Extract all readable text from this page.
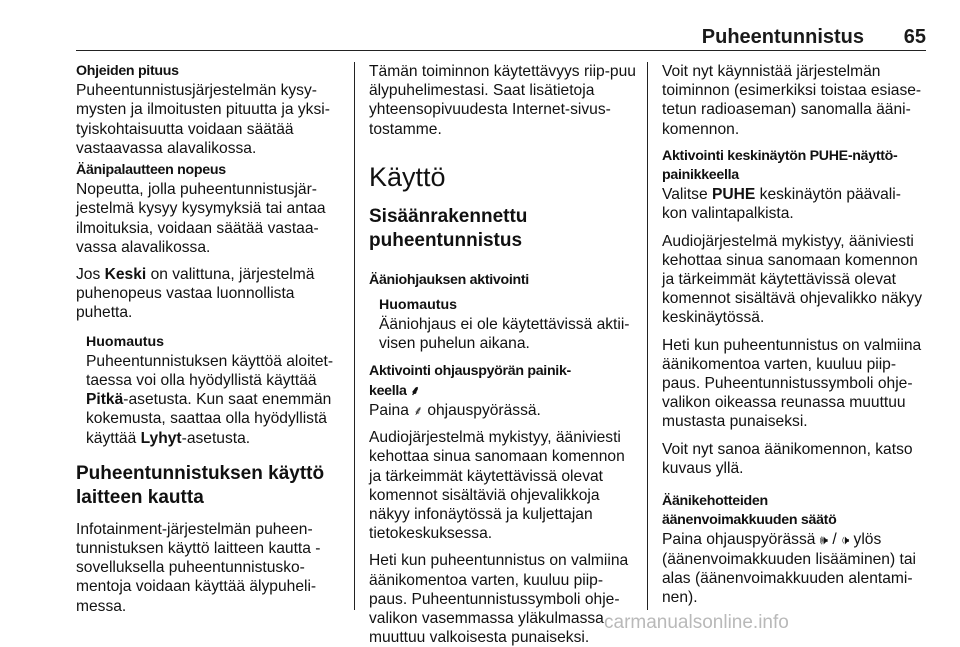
Puheentunnistus 65
Ohjeiden pituus

Puheentunnistusjärjestelmän kysy-mysten ja ilmoitusten pituutta ja yksi-tyiskohtaisuutta voidaan säätää vastaavassa alavalikossa.

Äänipalautteen nopeus

Nopeutta, jolla puheentunnistusjär-jestelmä kysyy kysymyksiä tai antaa ilmoituksia, voidaan säätää vastaa-vassa alavalikossa.

Jos Keski on valittuna, järjestelmä puhenopeus vastaa luonnollista puhetta.

Huomautus
Puheentunnistuksen käyttöä aloitet-taessa voi olla hyödyllistä käyttää Pitkä-asetusta. Kun saat enemmän kokemusta, saattaa olla hyödyllistä käyttää Lyhyt-asetusta.
Puheentunnistuksen käyttö
laitteen kautta

Infotainment-järjestelmän puheen-tunnistuksen käyttö laitteen kautta -sovelluksella puheentunnistusko-mentoja voidaan käyttää älypuheli-messa.

Tämän toiminnon käytettävyys riip-puu älypuhelimestasi. Saat lisätietoja yhteensopivuudesta Internet-sivus-tostamme.

Käyttö
Sisäänrakennettu
puheentunnistus
Ääniohjauksen aktivointi
Huomautus
Ääniohjaus ei ole käytettävissä aktii-visen puhelun aikana.
Aktivointi ohjauspyörän painik-
keella ⸙

Paina ⸙ ohjauspyörässä.

Audiojärjestelmä mykistyy, ääniviesti kehottaa sinua sanomaan komennon ja tärkeimmät käytettävissä olevat komennot sisältäviä ohjevalikkoja näkyy infonäytössä ja kuljettajan tietokeskuksessa.

Heti kun puheentunnistus on valmiina äänikomentoa varten, kuuluu piip-paus. Puheentunnistussymboli ohje-valikon vasemmassa yläkulmassa muuttuu valkoisesta punaiseksi.

Voit nyt käynnistää järjestelmän toiminnon (esimerkiksi toistaa esiase-tetun radioaseman) sanomalla ääni-komennon.

Aktivointi keskinäytön PUHE-näyttö-painikkeella

Valitse PUHE keskinäytön päävali-kon valintapalkista.

Audiojärjestelmä mykistyy, ääniviesti kehottaa sinua sanomaan komennon ja tärkeimmät käytettävissä olevat komennot sisältävä ohjevalikko näkyy keskinäytössä.

Heti kun puheentunnistus on valmiina äänikomentoa varten, kuuluu piip-paus. Puheentunnistussymboli ohje-valikon oikeassa reunassa muuttuu mustasta punaiseksi.

Voit nyt sanoa äänikomennon, katso kuvaus yllä.

Äänikehotteiden
äänenvoimakkuuden säätö

Paina ohjauspyörässä 🕪 / 🕩 ylös (äänenvoimakkuuden lisääminen) tai alas (äänenvoimakkuuden alentami-nen).

carmanualsonline.info
